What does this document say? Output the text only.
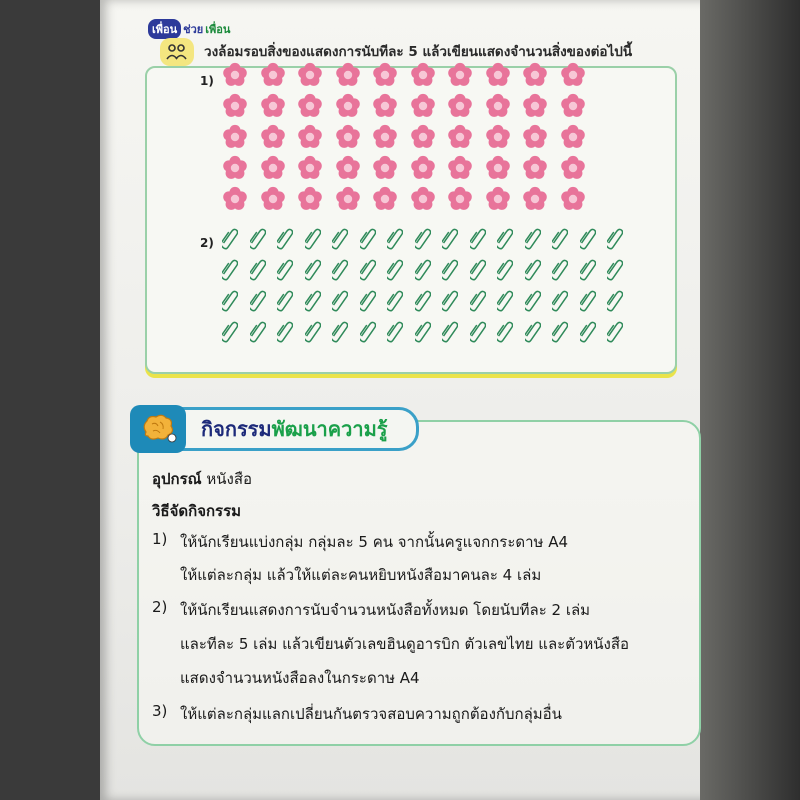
เพื่อน ช่วย เพื่อน
วงล้อมรอบสิ่งของแสดงการนับทีละ 5 แล้วเขียนแสดงจำนวนสิ่งของต่อไปนี้
1)
2)
กิจกรรม พัฒนาความรู้
อุปกรณ์ หนังสือ
วิธีจัดกิจกรรม
1) ให้นักเรียนแบ่งกลุ่ม กลุ่มละ 5 คน จากนั้นครูแจกกระดาษ A4
ให้แต่ละกลุ่ม แล้วให้แต่ละคนหยิบหนังสือมาคนละ 4 เล่ม
2) ให้นักเรียนแสดงการนับจำนวนหนังสือทั้งหมด โดยนับทีละ 2 เล่ม
และทีละ 5 เล่ม แล้วเขียนตัวเลขฮินดูอารบิก ตัวเลขไทย และตัวหนังสือ
แสดงจำนวนหนังสือลงในกระดาษ A4
3) ให้แต่ละกลุ่มแลกเปลี่ยนกันตรวจสอบความถูกต้องกับกลุ่มอื่น
